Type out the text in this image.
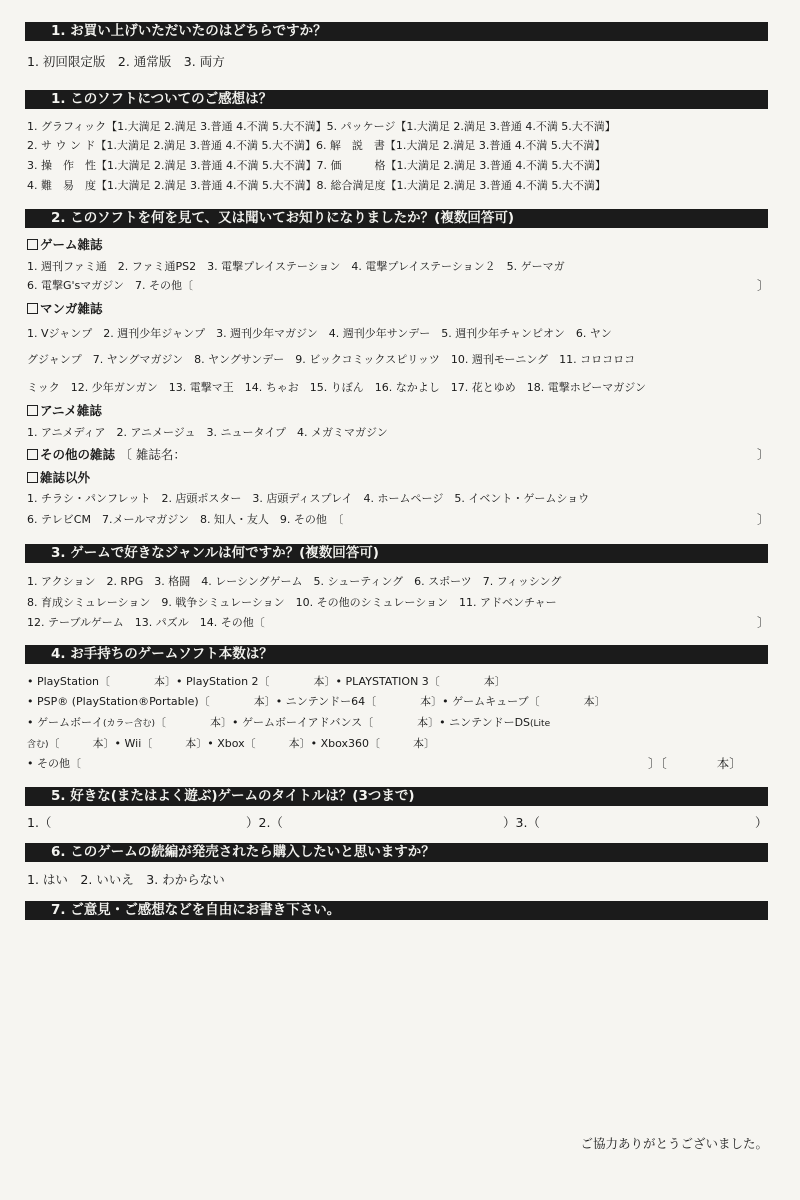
1. お買い上げいただいたのはどちらですか？
1. 初回限定版　2. 通常版　3. 両方
1. このソフトについてのご感想は？
1. グラフィック【1.大満足 2.満足 3.普通 4.不満 5.大不満】5. パッケージ【1.大満足 2.満足 3.普通 4.不満 5.大不満】
2. サ ウ ン ド【1.大満足 2.満足 3.普通 4.不満 5.大不満】6. 解　説　書【1.大満足 2.満足 3.普通 4.不満 5.大不満】
3. 操　作　性【1.大満足 2.満足 3.普通 4.不満 5.大不満】7. 価　　　格【1.大満足 2.満足 3.普通 4.不満 5.大不満】
4. 難　易　度【1.大満足 2.満足 3.普通 4.不満 5.大不満】8. 総合満足度【1.大満足 2.満足 3.普通 4.不満 5.大不満】
2. このソフトを何を見て、又は聞いてお知りになりましたか？(複数回答可)
ゲーム雑誌
1. 週刊ファミ通　2. ファミ通PS2　3. 電撃プレイステーション　4. 電撃プレイステーション２　5. ゲーマガ
6. 電撃G'sマガジン　7. その他〔	〕
マンガ雑誌
1. Vジャンプ　2. 週刊少年ジャンプ　3. 週刊少年マガジン　4. 週刊少年サンデー　5. 週刊少年チャンピオン　6. ヤン
グジャンプ　7. ヤングマガジン　8. ヤングサンデー　9. ビックコミックスピリッツ　10. 週刊モーニング　11. コロコロコ
ミック　12. 少年ガンガン　13. 電撃マ王　14. ちゃお　15. りぼん　16. なかよし　17. 花とゆめ　18. 電撃ホビーマガジン
アニメ雑誌
1. アニメディア　2. アニメージュ　3. ニュータイプ　4. メガミマガジン
その他の雑誌 〔 雑誌名：	〕
雑誌以外
1. チラシ・パンフレット　2. 店頭ポスター　3. 店頭ディスプレイ　4. ホームページ　5. イベント・ゲームショウ
6. テレビCM　7.メールマガジン　8. 知人・友人　9. その他　〔	〕
3. ゲームで好きなジャンルは何ですか？(複数回答可)
1. アクション　2. RPG　3. 格闘　4. レーシングゲーム　5. シューティング　6. スポーツ　7. フィッシング
8. 育成シミュレーション　9. 戦争シミュレーション　10. その他のシミュレーション　11. アドベンチャー
12. テーブルゲーム　13. パズル　14. その他〔	〕
4. お手持ちのゲームソフト本数は？
• PlayStation〔　　　　本〕• PlayStation 2〔　　　　本〕• PLAYSTATION 3〔　　　　本〕
• PSP® (PlayStation®Portable)〔　　　　本〕• ニンテンドー64〔　　　　本〕• ゲームキューブ〔　　　　本〕
• ゲームボーイ(カラー含む)〔　　　　本〕• ゲームボーイアドバンス〔　　　　本〕• ニンテンドーDS(Lite
含む)〔　　　本〕• Wii〔　　　本〕• Xbox〔　　　本〕• Xbox360〔　　　本〕
• その他〔	〕〔　　　　本〕
5. 好きな(またはよく遊ぶ)ゲームのタイトルは？(3つまで)
1.（	）2.（	）3.（	）
6. このゲームの続編が発売されたら購入したいと思いますか？
1. はい　2. いいえ　3. わからない
7. ご意見・ご感想などを自由にお書き下さい。
ご協力ありがとうございました。
